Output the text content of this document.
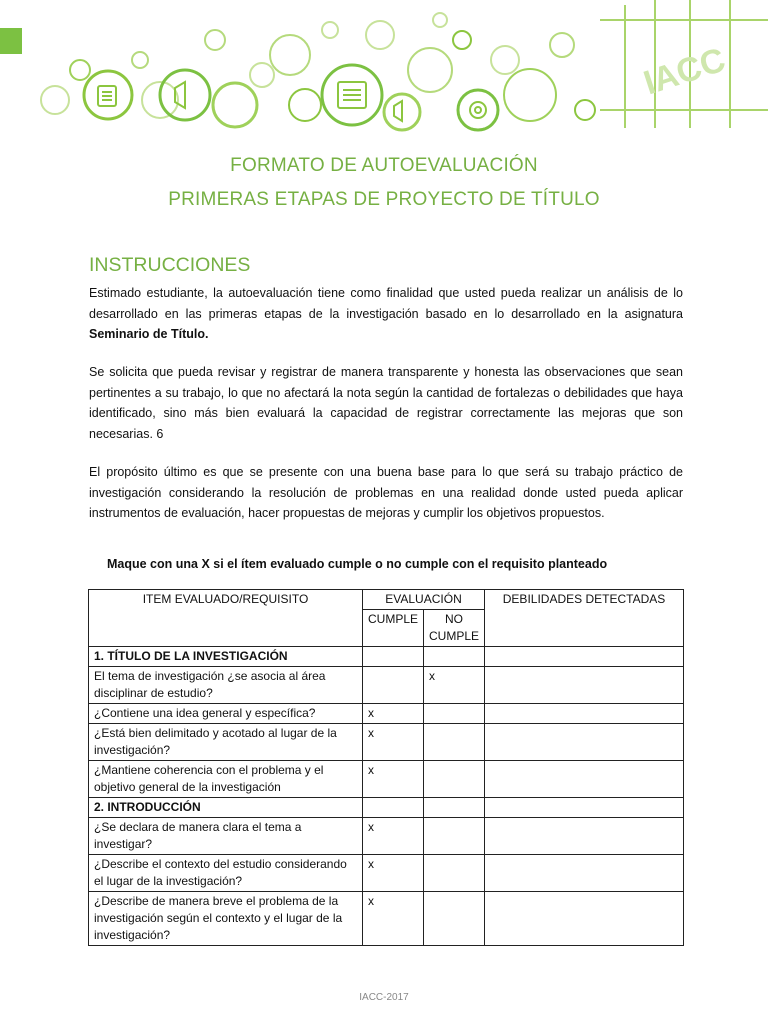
IACC
FORMATO DE AUTOEVALUACIÓN
PRIMERAS ETAPAS DE PROYECTO DE TÍTULO
INSTRUCCIONES
Estimado estudiante, la autoevaluación tiene como finalidad que usted pueda realizar un análisis de lo desarrollado en las primeras etapas de la investigación basado en lo desarrollado en la asignatura Seminario de Título.
Se solicita que pueda revisar y registrar de manera transparente y honesta las observaciones que sean pertinentes a su trabajo, lo que no afectará la nota según la cantidad de fortalezas o debilidades que haya identificado, sino más bien evaluará la capacidad de registrar correctamente las mejoras que son necesarias. 6
El propósito último es que se presente con una buena base para lo que será su trabajo práctico de investigación considerando la resolución de problemas en una realidad donde usted pueda aplicar instrumentos de evaluación, hacer propuestas de mejoras y cumplir los objetivos propuestos.
Maque con una X si el ítem evaluado cumple o no cumple con el requisito planteado
ITEM EVALUADO/REQUISITO	EVALUACIÓN		DEBILIDADES DETECTADAS
	CUMPLE	NO CUMPLE	
1. TÍTULO DE LA INVESTIGACIÓN			
El tema de investigación ¿se asocia al área disciplinar de estudio?		x	
¿Contiene una idea general y específica?	x		
¿Está bien delimitado y acotado al lugar de la investigación?	x		
¿Mantiene coherencia con el problema y el objetivo general de la investigación	x		
2. INTRODUCCIÓN			
¿Se declara de manera clara el tema a investigar?	x		
¿Describe el contexto del estudio considerando el lugar de la investigación?	x		
¿Describe de manera breve el problema de la investigación según el contexto y el lugar de la investigación?	x		
IACC-2017
